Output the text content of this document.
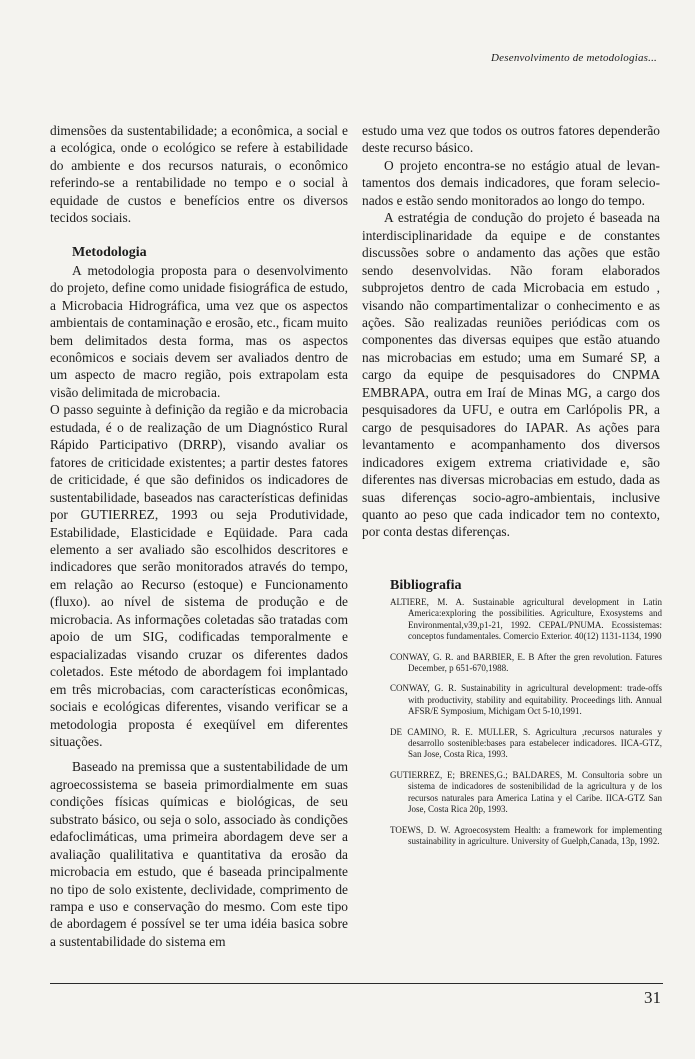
Desenvolvimento de metodologias...

dimensões da sustentabilidade; a econômica, a social e a ecológica, onde o ecológico se refere à estabilidade do ambiente e dos recursos naturais, o econômico referindo-se a rentabilidade no tempo e o social à equidade de custos e benefícios entre os diversos tecidos sociais.

Metodologia

A metodologia proposta para o desenvolvimento do projeto, define como unidade fisiográfica de estudo, a Microbacia Hidrográfica, uma vez que os aspectos ambientais de contaminação e erosão, etc., ficam muito bem delimitados desta forma, mas os aspectos econômicos e sociais devem ser avaliados dentro de um aspecto de macro região, pois extrapolam esta visão delimitada de microbacia.

O passo seguinte à definição da região e da microbacia estudada, é o de realização de um Diagnóstico Rural Rápido Participativo (DRRP), visando avaliar os fatores de criticidade existentes; a partir destes fatores de criticidade, é que são definidos os indicadores de sustentabilidade, baseados nas características definidas por GUTIERREZ, 1993 ou seja Produtividade, Estabilidade, Elasticidade e Eqüidade. Para cada elemento a ser avaliado são escolhidos descritores e indicadores que serão monitorados através do tempo, em relação ao Recurso (estoque) e Funcionamento (fluxo). ao nível de sistema de produção e de microbacia. As informações coletadas são tratadas com apoio de um SIG, codificadas temporalmente e espacializadas visando cruzar os diferentes dados coletados. Este método de abordagem foi implantado em três microbacias, com características econômicas, sociais e ecológicas diferentes, visando verificar se a metodologia proposta é exeqüível em diferentes situações.

Baseado na premissa que a sustentabilidade de um agroecossistema se baseia primordialmente em suas condições físicas químicas e biológicas, de seu substrato básico, ou seja o solo, associado às condições edafoclimáticas, uma primeira abordagem deve ser a avaliação qualilitativa e quantitativa da erosão da microbacia em estudo, que é baseada principalmente no tipo de solo existente, declividade, comprimento de rampa e uso e conservação do mesmo. Com este tipo de abordagem é possível se ter uma idéia basica sobre a sustentabilidade do sistema em

estudo uma vez que todos os outros fatores dependerão deste recurso básico.

O projeto encontra-se no estágio atual de levan-tamentos dos demais indicadores, que foram selecio-nados e estão sendo monitorados ao longo do tempo.

A estratégia de condução do projeto é baseada na interdisciplinaridade da equipe e de constantes discussões sobre o andamento das ações que estão sendo desenvolvidas. Não foram elaborados subprojetos dentro de cada Microbacia em estudo , visando não compartimentalizar o conhecimento e as ações. São realizadas reuniões periódicas com os componentes das diversas equipes que estão atuando nas microbacias em estudo; uma em Sumaré SP, a cargo da equipe de pesquisadores do CNPMA EMBRAPA, outra em Iraí de Minas MG, a cargo dos pesquisadores da UFU, e outra em Carlópolis PR, a cargo de pesquisadores do IAPAR. As ações para levantamento e acompanhamento dos diversos indicadores exigem extrema criatividade e, são diferentes nas diversas microbacias em estudo, dada as suas diferenças socio-agro-ambientais, inclusive quanto ao peso que cada indicador tem no contexto, por conta destas diferenças.

Bibliografia

ALTIERE, M. A. Sustainable agricultural development in Latin America:exploring the possibilities. Agriculture, Exosystems and Environmental,v39,p1-21, 1992. CEPAL/PNUMA. Ecossistemas: conceptos fundamentales. Comercio Exterior. 40(12) 1131-1134, 1990

CONWAY, G. R. and BARBIER, E. B After the gren revolution. Fatures December, p 651-670,1988.

CONWAY, G. R. Sustainability in agricultural development: trade-offs with productivity, stability and equitability. Proceedings lith. Annual AFSR/E Symposium, Michigam Oct 5-10,1991.

DE CAMINO, R. E. MULLER, S. Agricultura ,recursos naturales y desarrollo sostenible:bases para estabelecer indicadores. IICA-GTZ, San Jose, Costa Rica, 1993.

GUTIERREZ, E; BRENES,G.; BALDARES, M. Consultoria sobre un sistema de indicadores de sostenibilidad de la agricultura y de los recursos naturales para America Latina y el Caribe. IICA-GTZ San Jose, Costa Rica 20p, 1993.

TOEWS, D. W. Agroecosystem Health: a framework for implementing sustainability in agriculture. University of Guelph,Canada, 13p, 1992.

31
